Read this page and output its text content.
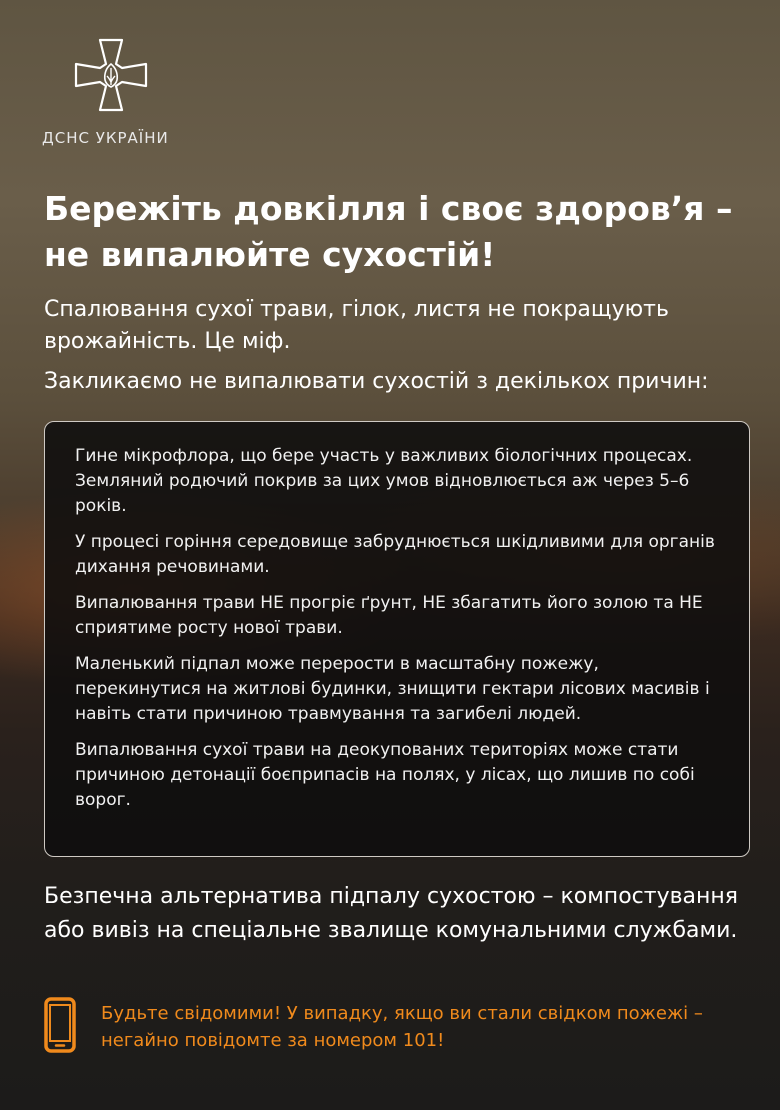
ДСНС УКРАЇНИ
Бережіть довкілля і своє здоров’я – не випалюйте сухостій!

Спалювання сухої трави, гілок, листя не покращують врожайність. Це міф.

Закликаємо не випалювати сухостій з декількох причин:

Гине мікрофлора, що бере участь у важливих біологічних процесах. Земляний родючий покрив за цих умов відновлюється аж через 5–6 років.

У процесі горіння середовище забруднюється шкідливими для органів дихання речовинами.

Випалювання трави НЕ прогріє ґрунт, НЕ збагатить його золою та НЕ сприятиме росту нової трави.

Маленький підпал може перерости в масштабну пожежу, перекинутися на житлові будинки, знищити гектари лісових масивів і навіть стати причиною травмування та загибелі людей.

Випалювання сухої трави на деокупованих територіях може стати причиною детонації боєприпасів на полях, у лісах, що лишив по собі ворог.

Безпечна альтернатива підпалу сухостою – компостування або вивіз на спеціальне звалище комунальними службами.

Будьте свідомими! У випадку, якщо ви стали свідком пожежі – негайно повідомте за номером 101!
